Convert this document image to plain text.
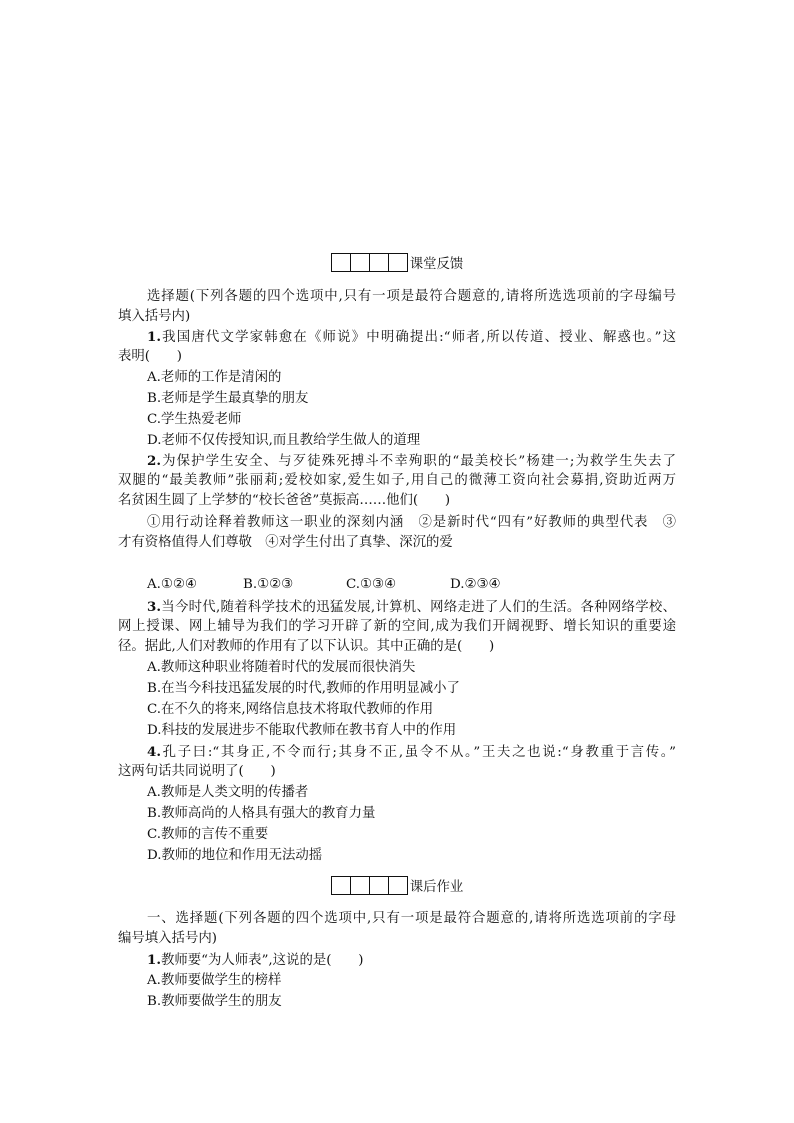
课堂反馈
选择题(下列各题的四个选项中,只有一项是最符合题意的,请将所选选项前的字母编号
填入括号内)
1.我国唐代文学家韩愈在《师说》中明确提出:“师者,所以传道、授业、解惑也。”这
表明(　　)
A.老师的工作是清闲的
B.老师是学生最真挚的朋友
C.学生热爱老师
D.老师不仅传授知识,而且教给学生做人的道理
2.为保护学生安全、与歹徒殊死搏斗不幸殉职的“最美校长”杨建一;为救学生失去了
双腿的“最美教师”张丽莉;爱校如家,爱生如子,用自己的微薄工资向社会募捐,资助近两万
名贫困生圆了上学梦的“校长爸爸”莫振高……他们(　　)
①用行动诠释着教师这一职业的深刻内涵　②是新时代“四有”好教师的典型代表　③
才有资格值得人们尊敬　④对学生付出了真挚、深沉的爱
A.①②④	B.①②③	C.①③④	D.②③④
3.当今时代,随着科学技术的迅猛发展,计算机、网络走进了人们的生活。各种网络学校、
网上授课、网上辅导为我们的学习开辟了新的空间,成为我们开阔视野、增长知识的重要途
径。据此,人们对教师的作用有了以下认识。其中正确的是(　　)
A.教师这种职业将随着时代的发展而很快消失
B.在当今科技迅猛发展的时代,教师的作用明显减小了
C.在不久的将来,网络信息技术将取代教师的作用
D.科技的发展进步不能取代教师在教书育人中的作用
4.孔子曰:“其身正,不令而行;其身不正,虽令不从。”王夫之也说:“身教重于言传。”
这两句话共同说明了(　　)
A.教师是人类文明的传播者
B.教师高尚的人格具有强大的教育力量
C.教师的言传不重要
D.教师的地位和作用无法动摇
课后作业
一、选择题(下列各题的四个选项中,只有一项是最符合题意的,请将所选选项前的字母
编号填入括号内)
1.教师要“为人师表”,这说的是(　　)
A.教师要做学生的榜样
B.教师要做学生的朋友
